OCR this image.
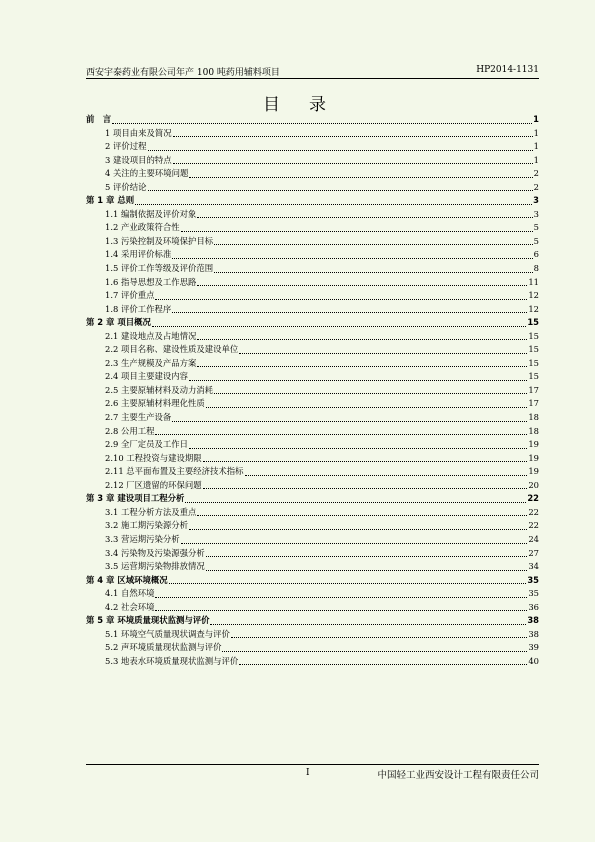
西安宇泰药业有限公司年产 100 吨药用辅料项目	HP2014-1131
目　录
前　言	1
1 项目由来及简况	1
2 评价过程	1
3 建设项目的特点	1
4 关注的主要环境问题	2
5 评价结论	2
第 1 章 总则	3
1.1 编制依据及评价对象	3
1.2 产业政策符合性	5
1.3 污染控制及环境保护目标	5
1.4 采用评价标准	6
1.5 评价工作等级及评价范围	8
1.6 指导思想及工作思路	11
1.7 评价重点	12
1.8 评价工作程序	12
第 2 章 项目概况	15
2.1 建设地点及占地情况	15
2.2 项目名称、建设性质及建设单位	15
2.3 生产规模及产品方案	15
2.4 项目主要建设内容	15
2.5 主要原辅材料及动力消耗	17
2.6 主要原辅材料理化性质	17
2.7 主要生产设备	18
2.8 公用工程	18
2.9 全厂定员及工作日	19
2.10 工程投资与建设期限	19
2.11 总平面布置及主要经济技术指标	19
2.12 厂区遗留的环保问题	20
第 3 章 建设项目工程分析	22
3.1 工程分析方法及重点	22
3.2 施工期污染源分析	22
3.3 营运期污染分析	24
3.4 污染物及污染源强分析	27
3.5 运营期污染物排放情况	34
第 4 章 区域环境概况	35
4.1 自然环境	35
4.2 社会环境	36
第 5 章 环境质量现状监测与评价	38
5.1 环境空气质量现状调查与评价	38
5.2 声环境质量现状监测与评价	39
5.3 地表水环境质量现状监测与评价	40
I	中国轻工业西安设计工程有限责任公司
